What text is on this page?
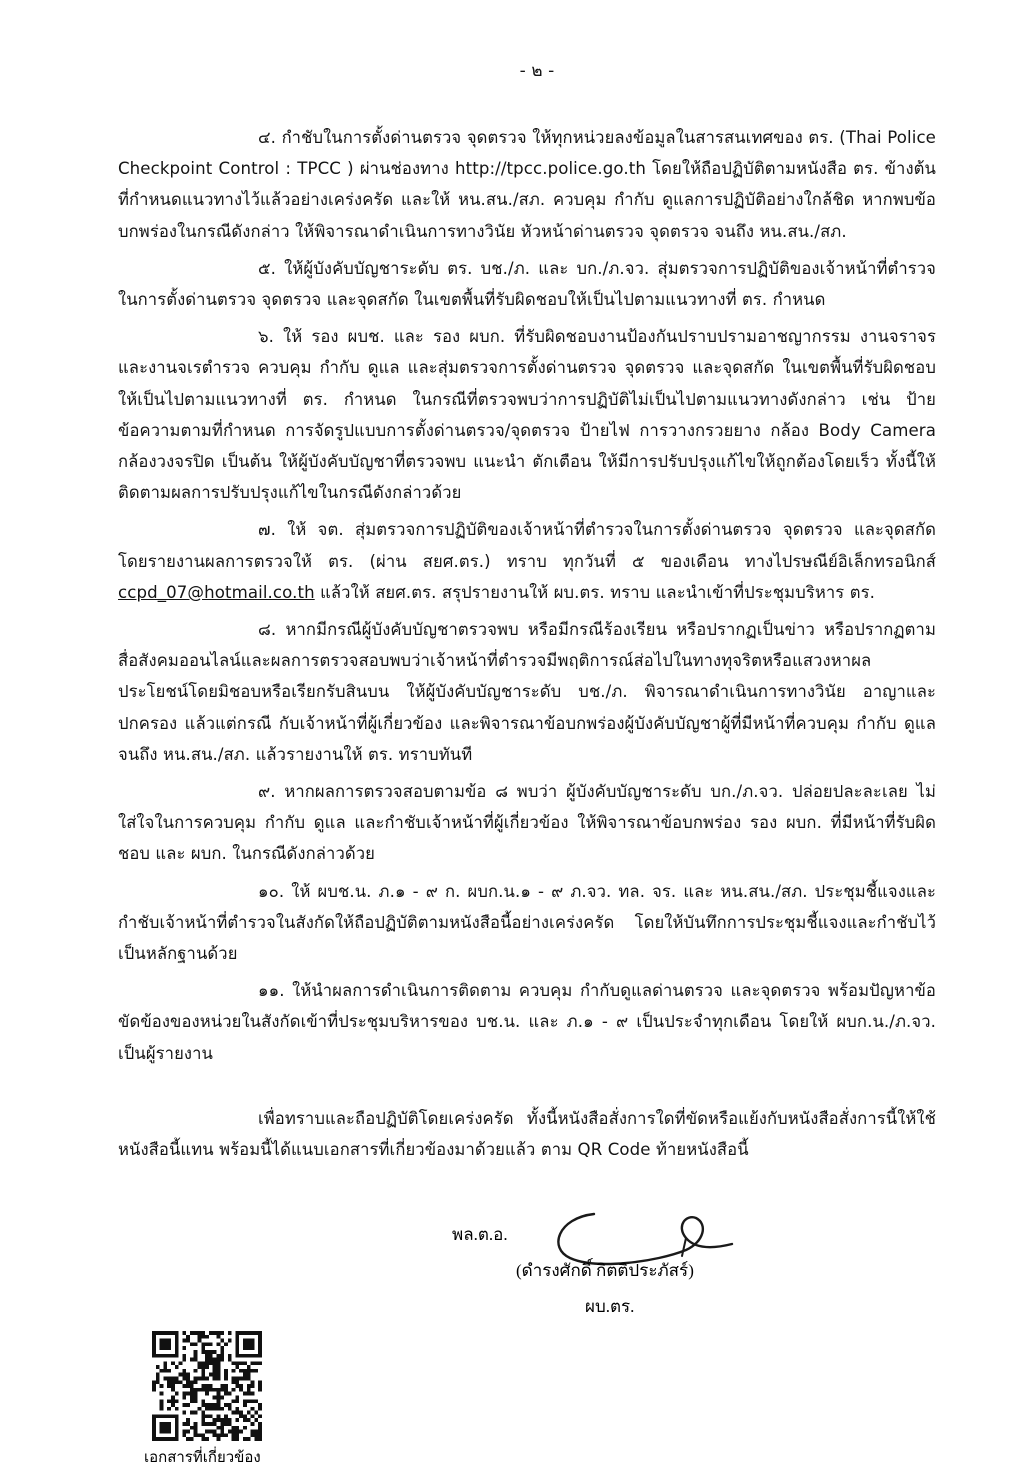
- ๒ -

๔. กำชับในการตั้งด่านตรวจ จุดตรวจ ให้ทุกหน่วยลงข้อมูลในสารสนเทศของ ตร. (Thai Police Checkpoint Control : TPCC ) ผ่านช่องทาง http://tpcc.police.go.th โดยให้ถือปฏิบัติตามหนังสือ ตร. ข้างต้นที่กำหนดแนวทางไว้แล้วอย่างเคร่งครัด และให้ หน.สน./สภ. ควบคุม กำกับ ดูแลการปฏิบัติอย่างใกล้ชิด หากพบข้อบกพร่องในกรณีดังกล่าว ให้พิจารณาดำเนินการทางวินัย หัวหน้าด่านตรวจ จุดตรวจ จนถึง หน.สน./สภ.

๕. ให้ผู้บังคับบัญชาระดับ ตร. บช./ภ. และ บก./ภ.จว. สุ่มตรวจการปฏิบัติของเจ้าหน้าที่ตำรวจในการตั้งด่านตรวจ จุดตรวจ และจุดสกัด ในเขตพื้นที่รับผิดชอบให้เป็นไปตามแนวทางที่ ตร. กำหนด

๖. ให้ รอง ผบช. และ รอง ผบก. ที่รับผิดชอบงานป้องกันปราบปรามอาชญากรรม งานจราจรและงานจเรตำรวจ ควบคุม กำกับ ดูแล และสุ่มตรวจการตั้งด่านตรวจ จุดตรวจ และจุดสกัด ในเขตพื้นที่รับผิดชอบ ให้เป็นไปตามแนวทางที่ ตร. กำหนด ในกรณีที่ตรวจพบว่าการปฏิบัติไม่เป็นไปตามแนวทางดังกล่าว เช่น ป้ายข้อความตามที่กำหนด การจัดรูปแบบการตั้งด่านตรวจ/จุดตรวจ ป้ายไฟ การวางกรวยยาง กล้อง Body Camera กล้องวงจรปิด เป็นต้น ให้ผู้บังคับบัญชาที่ตรวจพบ แนะนำ ตักเตือน ให้มีการปรับปรุงแก้ไขให้ถูกต้องโดยเร็ว ทั้งนี้ให้ติดตามผลการปรับปรุงแก้ไขในกรณีดังกล่าวด้วย

๗. ให้ จต. สุ่มตรวจการปฏิบัติของเจ้าหน้าที่ตำรวจในการตั้งด่านตรวจ จุดตรวจ และจุดสกัดโดยรายงานผลการตรวจให้ ตร. (ผ่าน สยศ.ตร.) ทราบ ทุกวันที่ ๕ ของเดือน ทางไปรษณีย์อิเล็กทรอนิกส์ ccpd_07@hotmail.co.th แล้วให้ สยศ.ตร. สรุปรายงานให้ ผบ.ตร. ทราบ และนำเข้าที่ประชุมบริหาร ตร.

๘. หากมีกรณีผู้บังคับบัญชาตรวจพบ หรือมีกรณีร้องเรียน หรือปรากฏเป็นข่าว หรือปรากฏตามสื่อสังคมออนไลน์และผลการตรวจสอบพบว่าเจ้าหน้าที่ตำรวจมีพฤติการณ์ส่อไปในทางทุจริตหรือแสวงหาผลประโยชน์โดยมิชอบหรือเรียกรับสินบน ให้ผู้บังคับบัญชาระดับ บช./ภ. พิจารณาดำเนินการทางวินัย อาญาและปกครอง แล้วแต่กรณี กับเจ้าหน้าที่ผู้เกี่ยวข้อง และพิจารณาข้อบกพร่องผู้บังคับบัญชาผู้ที่มีหน้าที่ควบคุม กำกับ ดูแล จนถึง หน.สน./สภ. แล้วรายงานให้ ตร. ทราบทันที

๙. หากผลการตรวจสอบตามข้อ ๘ พบว่า ผู้บังคับบัญชาระดับ บก./ภ.จว. ปล่อยปละละเลย ไม่ใส่ใจในการควบคุม กำกับ ดูแล และกำชับเจ้าหน้าที่ผู้เกี่ยวข้อง ให้พิจารณาข้อบกพร่อง รอง ผบก. ที่มีหน้าที่รับผิดชอบ และ ผบก. ในกรณีดังกล่าวด้วย

๑๐. ให้ ผบช.น. ภ.๑ - ๙ ก. ผบก.น.๑ - ๙ ภ.จว. ทล. จร. และ หน.สน./สภ. ประชุมชี้แจงและกำชับเจ้าหน้าที่ตำรวจในสังกัดให้ถือปฏิบัติตามหนังสือนี้อย่างเคร่งครัด โดยให้บันทึกการประชุมชี้แจงและกำชับไว้เป็นหลักฐานด้วย

๑๑. ให้นำผลการดำเนินการติดตาม ควบคุม กำกับดูแลด่านตรวจ และจุดตรวจ พร้อมปัญหาข้อขัดข้องของหน่วยในสังกัดเข้าที่ประชุมบริหารของ บช.น. และ ภ.๑ - ๙ เป็นประจำทุกเดือน โดยให้ ผบก.น./ภ.จว. เป็นผู้รายงาน

เพื่อทราบและถือปฏิบัติโดยเคร่งครัด ทั้งนี้หนังสือสั่งการใดที่ขัดหรือแย้งกับหนังสือสั่งการนี้ให้ใช้หนังสือนี้แทน พร้อมนี้ได้แนบเอกสารที่เกี่ยวข้องมาด้วยแล้ว ตาม QR Code ท้ายหนังสือนี้

พล.ต.อ.
(ดำรงศักดิ์ กิตติประภัสร์)
ผบ.ตร.
เอกสารที่เกี่ยวข้อง
